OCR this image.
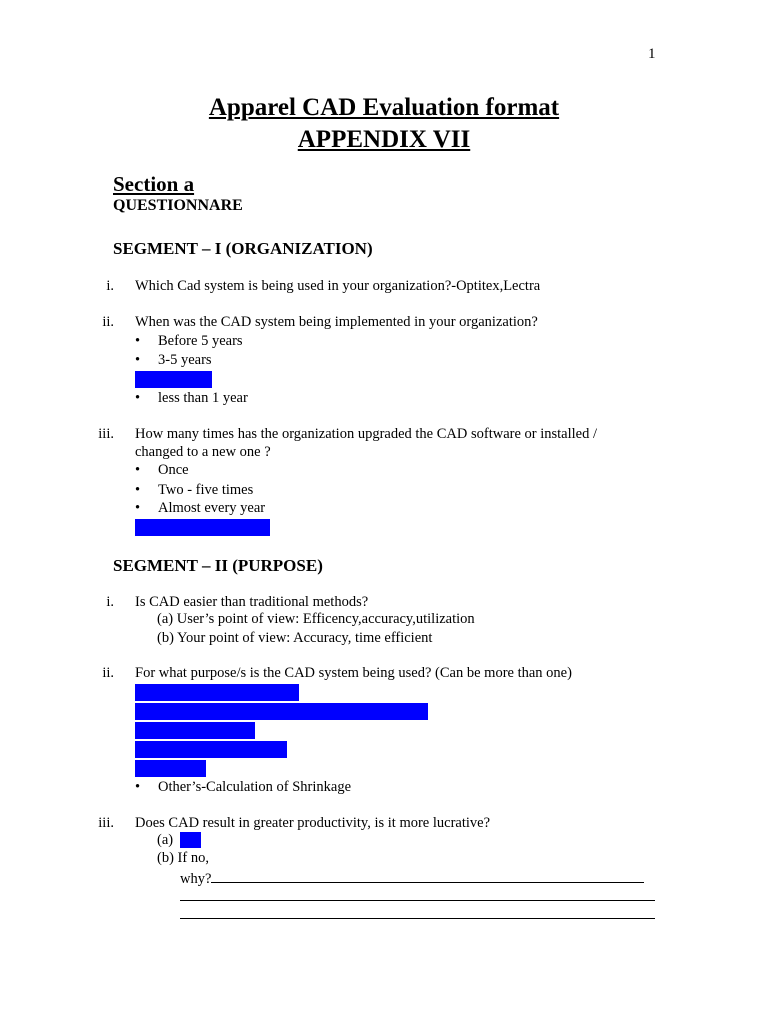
1
Apparel CAD Evaluation format
APPENDIX VII
Section a
QUESTIONNARE
SEGMENT – I (ORGANIZATION)
i. Which Cad system is being used in your organization?-Optitex,Lectra
ii. When was the CAD system being implemented in your organization?
• Before 5 years
• 3-5 years
• 1-3 years
• less than 1 year
iii. How many times has the organization upgraded the CAD software or installed /
changed to a new one ?
• Once
• Two - five times
• Almost every year
• Whenever required
SEGMENT – II (PURPOSE)
i. Is CAD easier than traditional methods?
(a) User’s point of view: Efficency,accuracy,utilization
(b) Your point of view: Accuracy, time efficient
ii. For what purpose/s is the CAD system being used? (Can be more than one)
• Only for pattern making
• For digitizing the patterns provided by buyer’s
• Marker planning
• Alterations in patterns
• Grading
• Other’s-Calculation of Shrinkage
iii. Does CAD result in greater productivity, is it more lucrative?
(a) Yes
(b) If no,
why?
